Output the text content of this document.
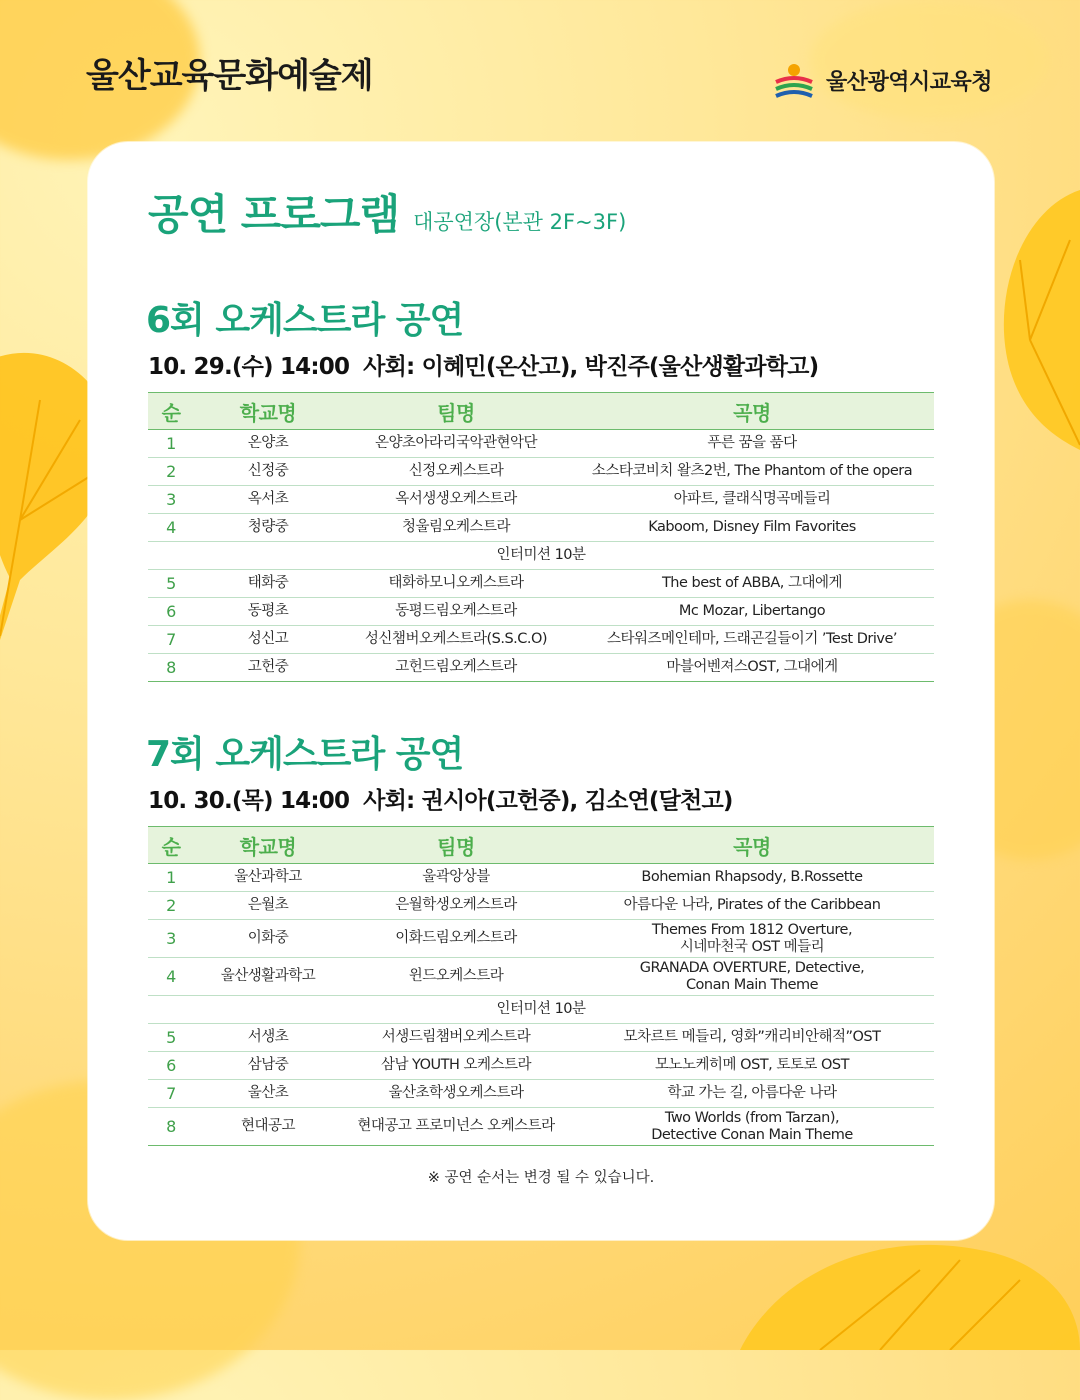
울산교육문화예술제	울산광역시교육청
공연 프로그램 대공연장(본관 2F~3F)
6회 오케스트라 공연
10. 29.(수) 14:00 사회: 이혜민(온산고), 박진주(울산생활과학고)
순	학교명	팀명	곡명
1	온양초	온양초아라리국악관현악단	푸른 꿈을 품다
2	신정중	신정오케스트라	소스타코비치 왈츠2번, The Phantom of the opera
3	옥서초	옥서생생오케스트라	아파트, 클래식명곡메들리
4	청량중	청울림오케스트라	Kaboom, Disney Film Favorites
인터미션 10분			
5	태화중	태화하모니오케스트라	The best of ABBA, 그대에게
6	동평초	동평드림오케스트라	Mc Mozar, Libertango
7	성신고	성신챔버오케스트라(S.S.C.O)	스타워즈메인테마, 드래곤길들이기 ’Test Drive’
8	고헌중	고헌드림오케스트라	마블어벤져스OST, 그대에게
7회 오케스트라 공연
10. 30.(목) 14:00 사회: 권시아(고헌중), 김소연(달천고)
순	학교명	팀명	곡명
1	울산과학고	울곽앙상블	Bohemian Rhapsody, B.Rossette
2	은월초	은월학생오케스트라	아름다운 나라, Pirates of the Caribbean
3	이화중	이화드림오케스트라	Themes From 1812 Overture,
시네마천국 OST 메들리
4	울산생활과학고	윈드오케스트라	GRANADA OVERTURE, Detective,
Conan Main Theme
인터미션 10분			
5	서생초	서생드림챔버오케스트라	모차르트 메들리, 영화”캐리비안해적”OST
6	삼남중	삼남 YOUTH 오케스트라	모노노케히메 OST, 토토로 OST
7	울산초	울산초학생오케스트라	학교 가는 길, 아름다운 나라
8	현대공고	현대공고 프로미넌스 오케스트라	Two Worlds (from Tarzan),
Detective Conan Main Theme
※ 공연 순서는 변경 될 수 있습니다.
